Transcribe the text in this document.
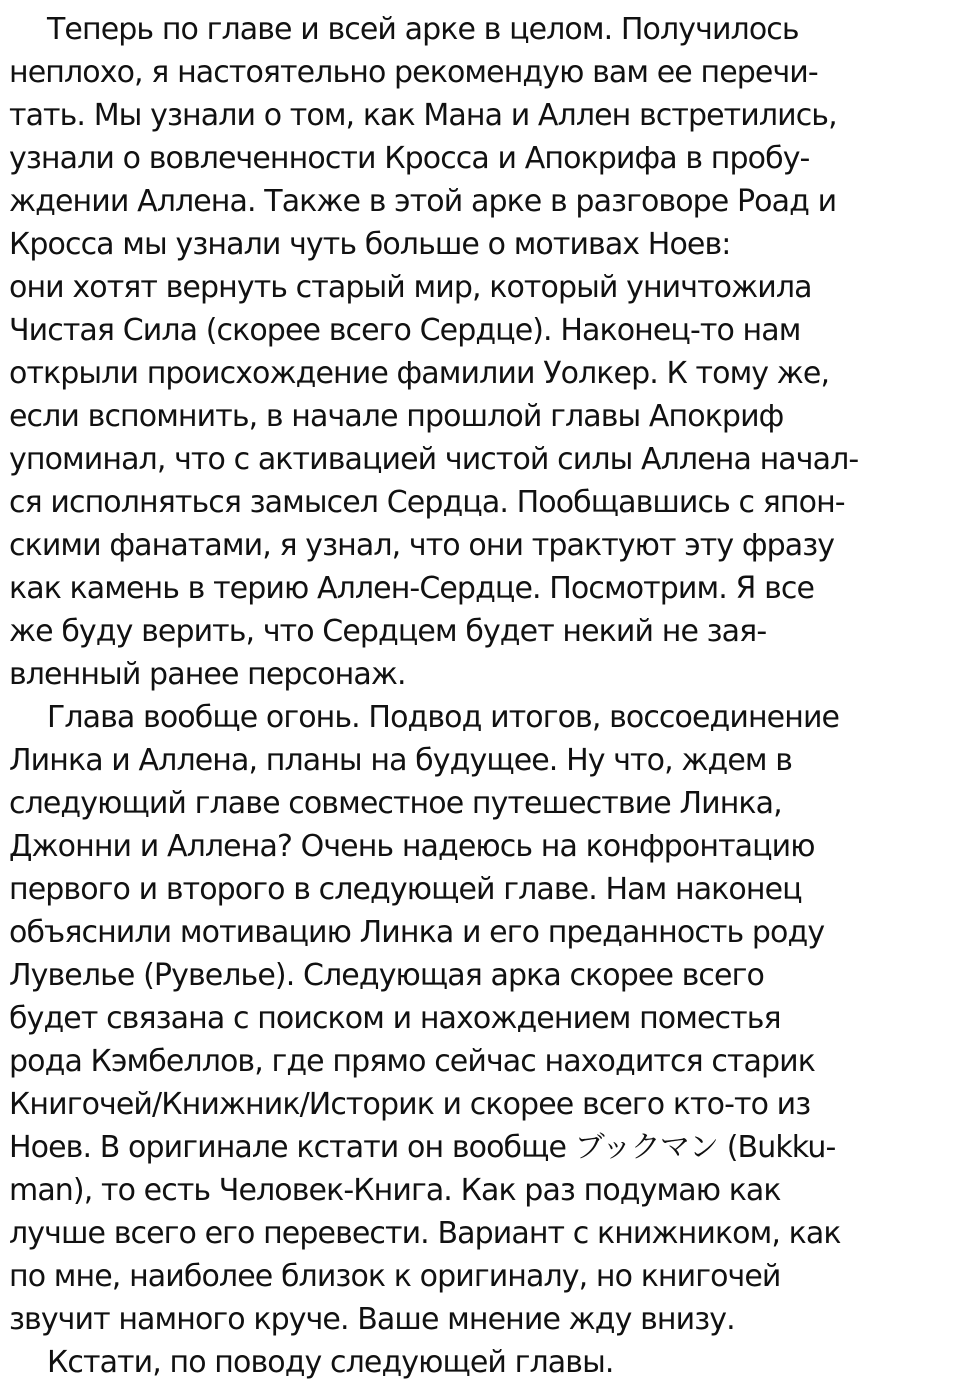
Теперь по главе и всей арке в целом. Получилось
неплохо, я настоятельно рекомендую вам ее перечи-
тать. Мы узнали о том, как Мана и Аллен встретились,
узнали о вовлеченности Кросса и Апокрифа в пробу-
ждении Аллена. Также в этой арке в разговоре Роад и
Кросса мы узнали чуть больше о мотивах Ноев:
они хотят вернуть старый мир, который уничтожила
Чистая Сила (скорее всего Сердце). Наконец-то нам
открыли происхождение фамилии Уолкер. К тому же,
если вспомнить, в начале прошлой главы Апокриф
упоминал, что с активацией чистой силы Аллена начал-
ся исполняться замысел Сердца. Пообщавшись с япон-
скими фанатами, я узнал, что они трактуют эту фразу
как камень в терию Аллен-Сердце. Посмотрим. Я все
же буду верить, что Сердцем будет некий не зая-
вленный ранее персонаж.
Глава вообще огонь. Подвод итогов, воссоединение
Линка и Аллена, планы на будущее. Ну что, ждем в
следующий главе совместное путешествие Линка,
Джонни и Аллена? Очень надеюсь на конфронтацию
первого и второго в следующей главе. Нам наконец
объяснили мотивацию Линка и его преданность роду
Лувелье (Рувелье). Следующая арка скорее всего
будет связана с поиском и нахождением поместья
рода Кэмбеллов, где прямо сейчас находится старик
Книгочей/Книжник/Историк и скорее всего кто-то из
Ноев. В оригинале кстати он вообще ブックマン (Bukku-
man), то есть Человек-Книга. Как раз подумаю как
лучше всего его перевести. Вариант с книжником, как
по мне, наиболее близок к оригиналу, но книгочей
звучит намного круче. Ваше мнение жду внизу.
Кстати, по поводу следующей главы.
